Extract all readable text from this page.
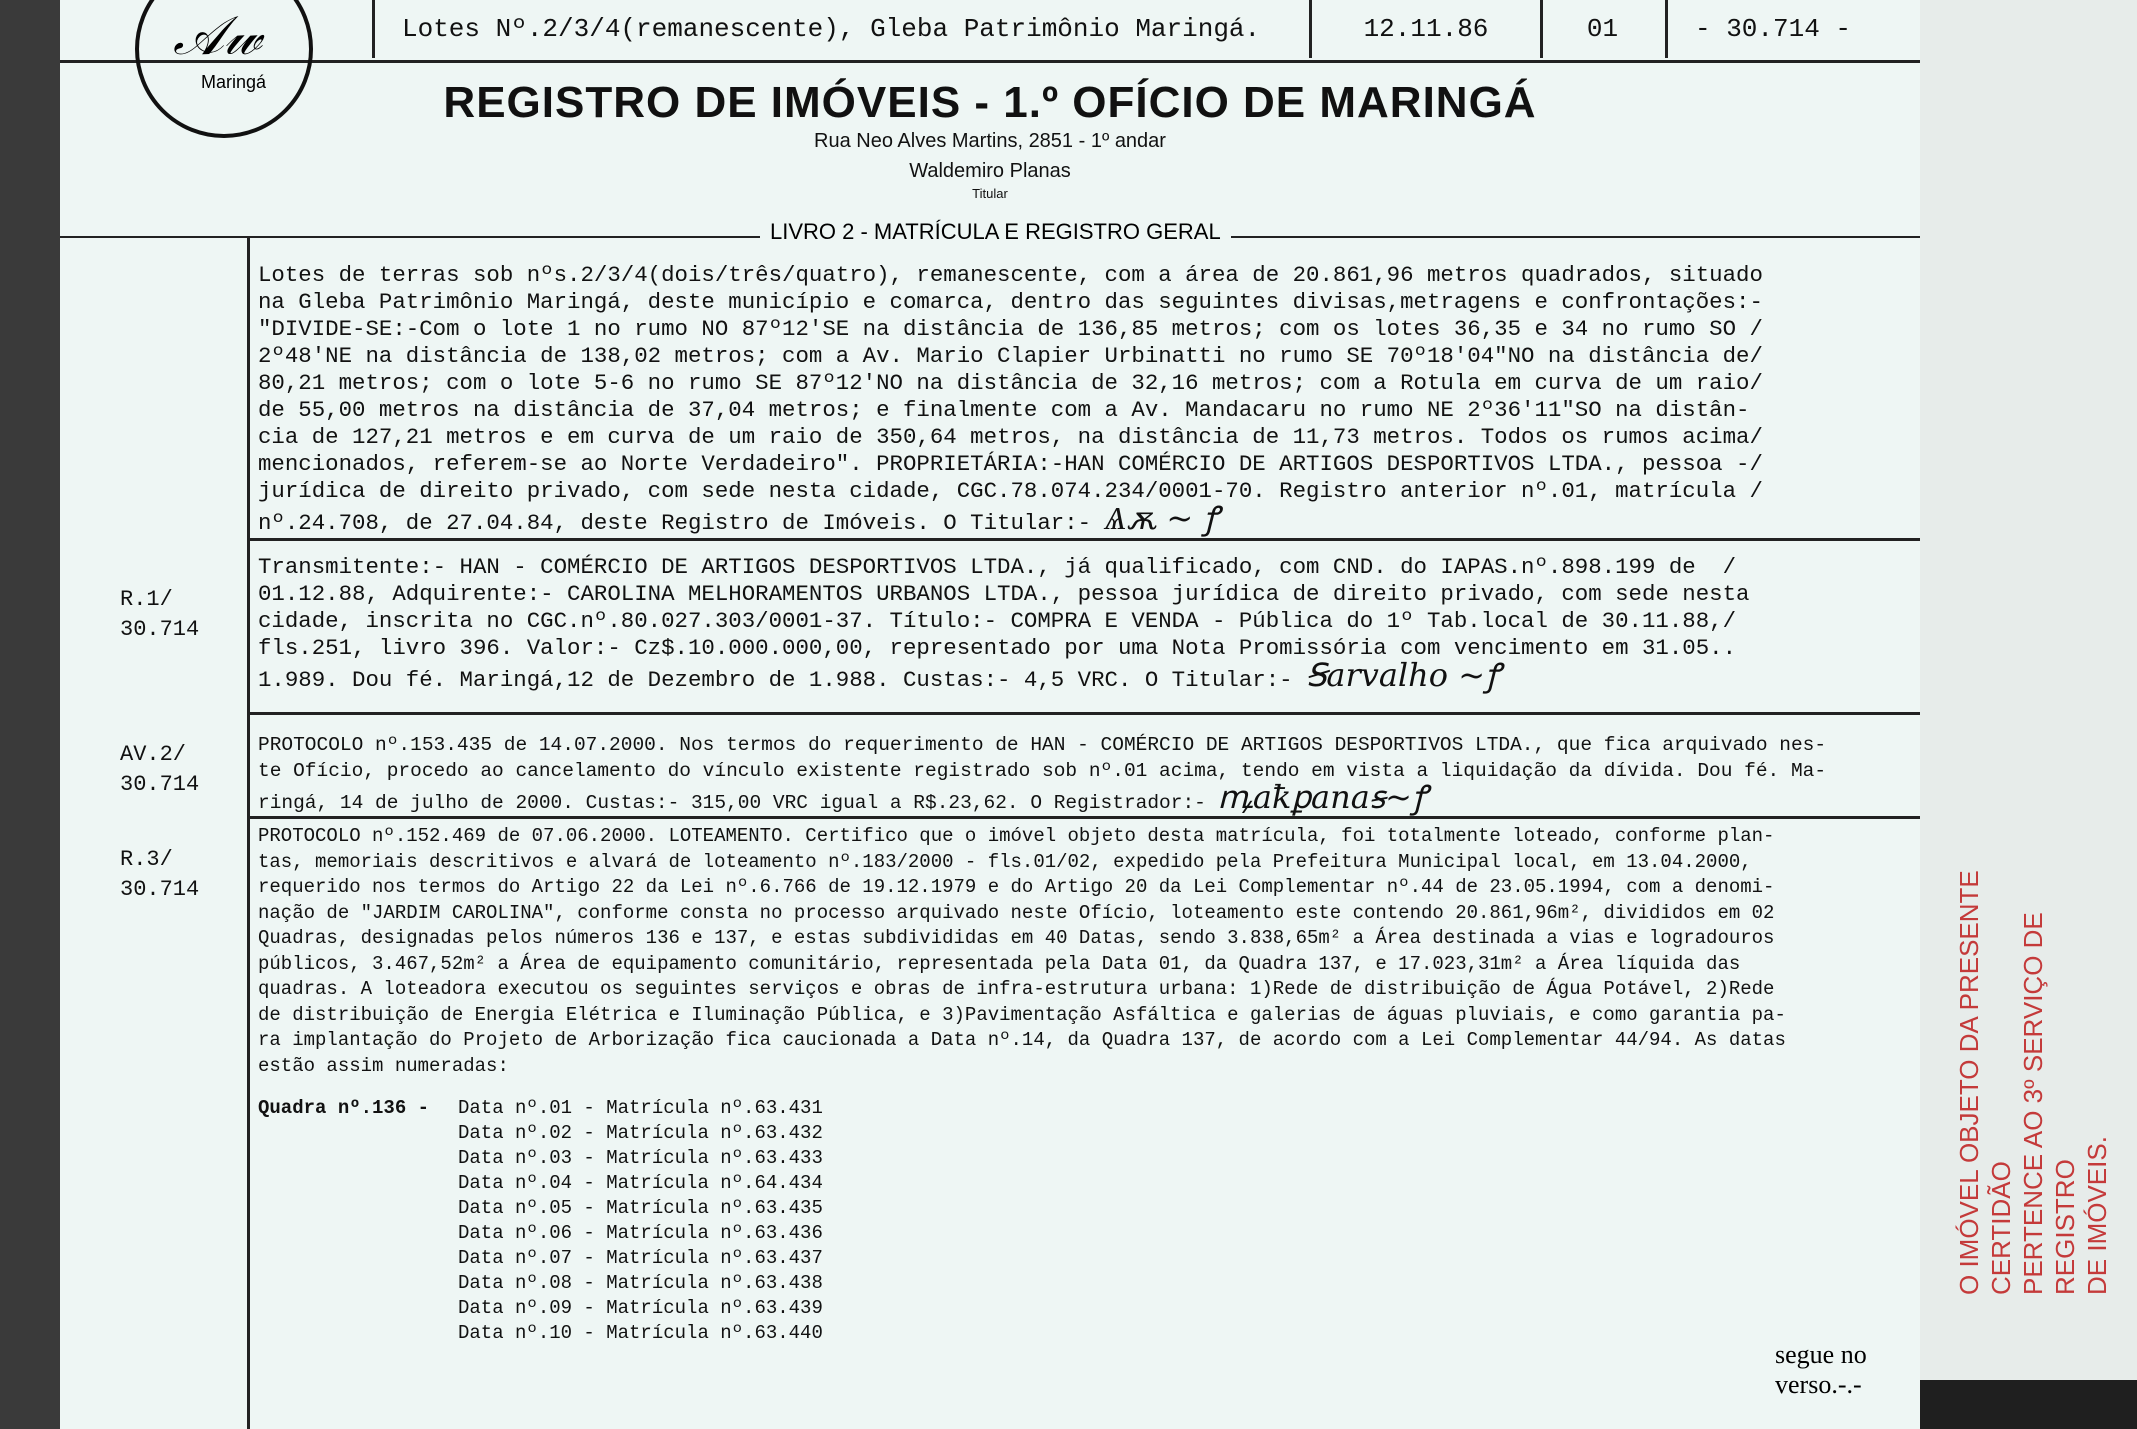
Lotes Nº.2/3/4(remanescente), Gleba Patrimônio Maringá.	12.11.86	01	- 30.714 -
𝒜𝓌
Maringá	REGISTRO DE IMÓVEIS - 1.º OFÍCIO DE MARINGÁ
Rua Neo Alves Martins, 2851 - 1º andar
Waldemiro Planas
Titular
LIVRO 2 - MATRÍCULA E REGISTRO GERAL

Lotes de terras sob nºs.2/3/4(dois/três/quatro), remanescente, com a área de 20.861,96 metros quadrados, situado

na Gleba Patrimônio Maringá, deste município e comarca, dentro das seguintes divisas,metragens e confrontações:-

"DIVIDE-SE:-Com o lote 1 no rumo NO 87º12'SE na distância de 136,85 metros; com os lotes 36,35 e 34 no rumo SO /

2º48'NE na distância de 138,02 metros; com a Av. Mario Clapier Urbinatti no rumo SE 70º18'04"NO na distância de/

80,21 metros; com o lote 5-6 no rumo SE 87º12'NO na distância de 32,16 metros; com a Rotula em curva de um raio/

de 55,00 metros na distância de 37,04 metros; e finalmente com a Av. Mandacaru no rumo NE 2º36'11"SO na distân-

cia de 127,21 metros e em curva de um raio de 350,64 metros, na distância de 11,73 metros. Todos os rumos acima/

mencionados, referem-se ao Norte Verdadeiro". PROPRIETÁRIA:-HAN COMÉRCIO DE ARTIGOS DESPORTIVOS LTDA., pessoa -/

jurídica de direito privado, com sede nesta cidade, CGC.78.074.234/0001-70. Registro anterior nº.01, matrícula /

nº.24.708, de 27.04.84, deste Registro de Imóveis. O Titular:- Ѧѫ ~ ꝭ

R.1/
30.714

Transmitente:- HAN - COMÉRCIO DE ARTIGOS DESPORTIVOS LTDA., já qualificado, com CND. do IAPAS.nº.898.199 de  /

01.12.88, Adquirente:- CAROLINA MELHORAMENTOS URBANOS LTDA., pessoa jurídica de direito privado, com sede nesta

cidade, inscrita no CGC.nº.80.027.303/0001-37. Título:- COMPRA E VENDA - Pública do 1º Tab.local de 30.11.88,/

fls.251, livro 396. Valor:- Cz$.10.000.000,00, representado por uma Nota Promissória com vencimento em 31.05..

1.989. Dou fé. Maringá,12 de Dezembro de 1.988. Custas:- 4,5 VRC. O Titular:- Ꞩarvalho ~ꝭ

AV.2/
30.714

PROTOCOLO nº.153.435 de 14.07.2000. Nos termos do requerimento de HAN - COMÉRCIO DE ARTIGOS DESPORTIVOS LTDA., que fica arquivado nes-

te Ofício, procedo ao cancelamento do vínculo existente registrado sob nº.01 acima, tendo em vista a liquidação da dívida. Dou fé. Ma-

ringá, 14 de julho de 2000. Custas:- 315,00 VRC igual a R$.23,62. O Registrador:- ꝳaꝁꝑanaꞩ~ꝭ

R.3/
30.714

PROTOCOLO nº.152.469 de 07.06.2000. LOTEAMENTO. Certifico que o imóvel objeto desta matrícula, foi totalmente loteado, conforme plan-

tas, memoriais descritivos e alvará de loteamento nº.183/2000 - fls.01/02, expedido pela Prefeitura Municipal local, em 13.04.2000,

requerido nos termos do Artigo 22 da Lei nº.6.766 de 19.12.1979 e do Artigo 20 da Lei Complementar nº.44 de 23.05.1994, com a denomi-

nação de "JARDIM CAROLINA", conforme consta no processo arquivado neste Ofício, loteamento este contendo 20.861,96m², divididos em 02

Quadras, designadas pelos números 136 e 137, e estas subdivididas em 40 Datas, sendo 3.838,65m² a Área destinada a vias e logradouros

públicos, 3.467,52m² a Área de equipamento comunitário, representada pela Data 01, da Quadra 137, e 17.023,31m² a Área líquida das

quadras. A loteadora executou os seguintes serviços e obras de infra-estrutura urbana: 1)Rede de distribuição de Água Potável, 2)Rede

de distribuição de Energia Elétrica e Iluminação Pública, e 3)Pavimentação Asfáltica e galerias de águas pluviais, e como garantia pa-

ra implantação do Projeto de Arborização fica caucionada a Data nº.14, da Quadra 137, de acordo com a Lei Complementar 44/94. As datas

estão assim numeradas:

Quadra nº.136 -	Data nº.01 - Matrícula nº.63.431
Data nº.02 - Matrícula nº.63.432
Data nº.03 - Matrícula nº.63.433
Data nº.04 - Matrícula nº.64.434
Data nº.05 - Matrícula nº.63.435
Data nº.06 - Matrícula nº.63.436
Data nº.07 - Matrícula nº.63.437
Data nº.08 - Matrícula nº.63.438
Data nº.09 - Matrícula nº.63.439
Data nº.10 - Matrícula nº.63.440
segue no verso.-.-
O IMÓVEL OBJETO DA PRESENTE CERTIDÃO PERTENCE AO 3º SERVIÇO DE REGISTRO DE IMÓVEIS.
